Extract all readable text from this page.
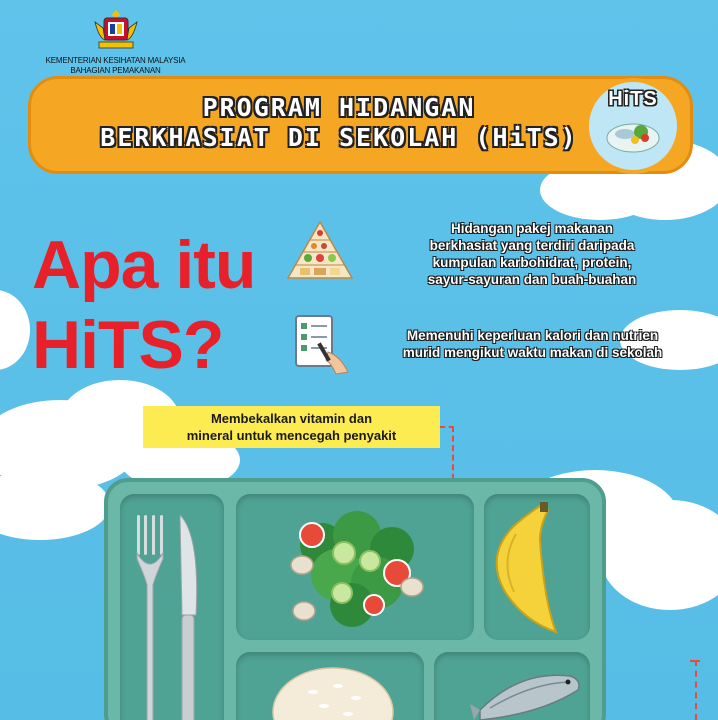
KEMENTERIAN KESIHATAN MALAYSIA
BAHAGIAN PEMAKANAN
PROGRAM HIDANGAN
BERKHASIAT DI SEKOLAH (HiTS)
HiTS
Apa itu
HiTS?
Hidangan pakej makanan
berkhasiat yang terdiri daripada
kumpulan karbohidrat, protein,
sayur-sayuran dan buah-buahan
Memenuhi keperluan kalori dan nutrien
murid mengikut waktu makan di sekolah
Membekalkan vitamin dan
mineral untuk mencegah penyakit
